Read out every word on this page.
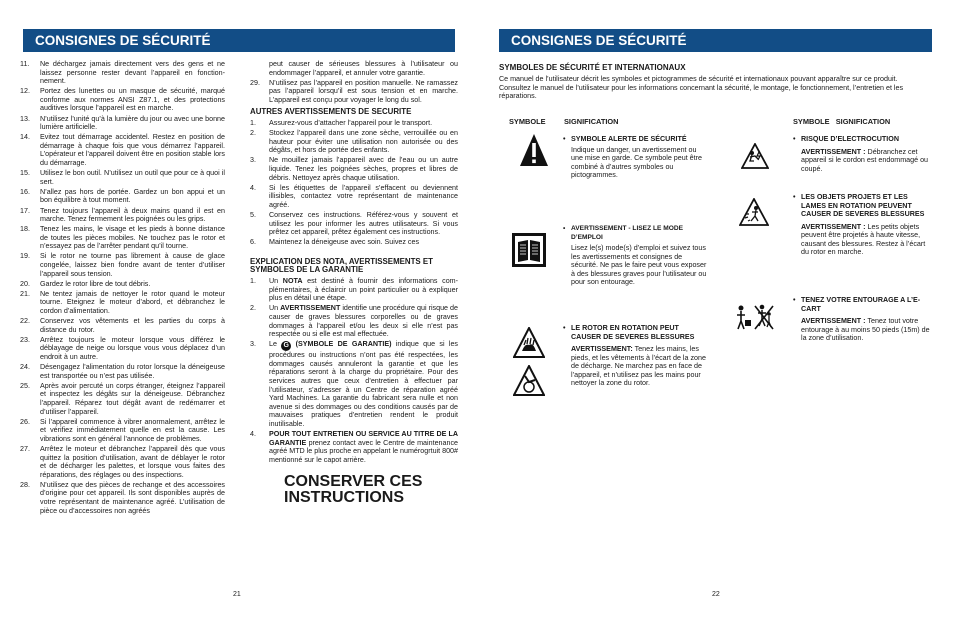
CONSIGNES DE SÉCURITÉ
11. Ne déchargez jamais directement vers des gens et ne laissez personne rester devant l’appareil en fonctionnement.
12. Portez des lunettes ou un masque de sécurité, marqué conforme aux normes ANSI Z87.1, et des protections auditives lorsque l’appareil est en marche.
13. N’utilisez l’unité qu’à la lumière du jour ou avec une bonne lumière artificielle.
14. Evitez tout démarrage accidentel. Restez en position de démarrage à chaque fois que vous démarrez l’appareil. L’opérateur et l’appareil doivent être en position stable lors du démarrage.
15. Utilisez le bon outil. N’utilisez un outil que pour ce à quoi il sert.
16. N’allez pas hors de portée. Gardez un bon appui et un bon équilibre à tout moment.
17. Tenez toujours l’appareil à deux mains quand il est en marche. Tenez fermement les poignées ou les grips.
18. Tenez les mains, le visage et les pieds à bonne distance de toutes les pièces mobiles. Ne touchez pas le rotor et n’essayez pas de l’arrêter pendant qu’il tourne.
19. Si le rotor ne tourne pas librement à cause de glace congelée, laissez bien fondre avant de tenter d’utiliser l’appareil sous tension.
20. Gardez le rotor libre de tout débris.
21. Ne tentez jamais de nettoyer le rotor quand le moteur tourne. Eteignez le moteur d’abord, et débranchez le cordon d’alimentation.
22. Conservez vos vêtements et les parties du corps à distance du rotor.
23. Arrêtez toujours le moteur lorsque vous différez le déblayage de neige ou lorsque vous vous déplacez d’un endroit à un autre.
24. Désengagez l’alimentation du rotor lorsque la déneigeuse est transportée ou n’est pas utilisée.
25. Après avoir percuté un corps étranger, éteignez l’appareil et inspectez les dégâts sur la déneigeuse. Débranchez l’appareil. Réparez tout dégât avant de redémarrer et d’utiliser l’appareil.
26. Si l’appareil commence à vibrer anormalement, arrêtez le et vérifiez immédiatement quelle en est la cause. Les vibrations sont en général l’annonce de problèmes.
27. Arrêtez le moteur et débranchez l’appareil dès que vous quittez la position d’utilisation, avant de déblayer le rotor et de décharger les palettes, et lorsque vous faites des réparations, des réglages ou des inspections.
28. N’utilisez que des pièces de rechange et des accessoires d’origine pour cet appareil. Ils sont disponibles auprès de votre représentant de maintenance agréé. L’utilisation de pièce ou d’accessoires non agréés

peut causer de sérieuses blessures à l’utilisateur ou endommager l’appareil, et annuler votre garantie.

29. N’utilisez pas l’appareil en position manuelle. Ne ramassez pas l’appareil lorsqu’il est sous tension et en marche. L’appareil est conçu pour voyager le long du sol.
AUTRES AVERTISSEMENTS DE SECURITE
1. Assurez-vous d’attacher l’appareil pour le transport.
2. Stockez l’appareil dans une zone sèche, verrouillée ou en hauteur pour éviter une utilisation non autorisée ou des dégâts, et hors de portée des enfants.
3. Ne mouillez jamais l’appareil avec de l’eau ou un autre liquide. Tenez les poignées sèches, propres et libres de débris. Nettoyez après chaque utilisation.
4. Si les étiquettes de l’appareil s’effacent ou deviennent illisibles, contactez votre représentant de maintenance agréé.
5. Conservez ces instructions. Référez-vous y souvent et utilisez les pour informer les autres utilisateurs. Si vous prêtez cet appareil, prêtez également ces instructions.
6. Maintenez la déneigeuse avec soin. Suivez ces
EXPLICATION DES NOTA, AVERTISSEMENTS ET SYMBOLES DE LA GARANTIE
1. Un NOTA est destiné à fournir des informations complémentaires, à éclaircir un point particulier ou à expliquer plus en détail une étape.
2. Un AVERTISSEMENT identifie une procédure qui risque de causer de graves blessures corporelles ou de graves dommages à l’appareil et/ou les deux si elle n’est pas respectée ou si elle est mal effectuée.
3. Le G (SYMBOLE DE GARANTIE) indique que si les procédures ou instructions n’ont pas été respectées, les dommages causés annuleront la garantie et que les réparations seront à la charge du propriétaire. Pour des services autres que ceux d’entretien à effectuer par l’utilisateur, s’adresser à un Centre de réparation agréé Yard Machines. La garantie du fabricant sera nulle et non avenue si des dommages ou des conditions causés par de mauvaises pratiques d’entretien rendent le produit inutilisable.
4. POUR TOUT ENTRETIEN OU SERVICE AU TITRE DE LA GARANTIE prenez contact avec le Centre de maintenance agréé MTD le plus proche en appelant le numérogrtuit 800# mentionné sur le capot arrière.
CONSERVER CES
INSTRUCTIONS
21
CONSIGNES DE SÉCURITÉ
SYMBOLES DE SÉCURITÉ ET INTERNATIONAUX
Ce manuel de l’utilisateur décrit les symboles et pictogrammes de sécurité et internationaux pouvant apparaître sur ce produit. Consultez le manuel de l’utilisateur pour les informations concernant la sécurité, le montage, le fonctionnement, l’entretien et les réparations.
SYMBOLE SIGNIFICATION	SYMBOLE   SIGNIFICATION
• SYMBOLE ALERTE DE SÉCURITÉ
Indique un danger, un avertissement ou une mise en garde. Ce symbole peut être combiné à d’autres symboles ou pictogrammes.
• AVERTISSEMENT - LISEZ LE MODE D’EMPLOI
Lisez le(s) mode(s) d’emploi et suivez tous les avertissements et consignes de sécurité. Ne pas le faire peut vous exposer à des blessures graves pour l’utilisateur ou pour son entourage.
• LE ROTOR EN ROTATION PEUT CAUSER DE SEVERES BLESSURES
AVERTISSEMENT: Tenez les mains, les pieds, et les vêtements à l’écart de la zone de décharge. Ne marchez pas en face de l’appareil, et n’utilisez pas les mains pour nettoyer la zone du rotor.
• RISQUE D’ELECTROCUTION
AVERTISSEMENT : Débranchez cet appareil si le cordon est endommagé ou coupé.
• LES OBJETS PROJETS ET LES LAMES EN ROTATION PEUVENT CAUSER DE SEVERES BLESSURES
AVERTISSEMENT : Les petits objets peuvent être projetés à haute vitesse, causant des blessures. Restez à l’écart du rotor en marche.
• TENEZ VOTRE ENTOURAGE A L’ECART
AVERTISSEMENT : Tenez tout votre entourage à au moins 50 pieds (15m) de la zone d’utilisation.
22
